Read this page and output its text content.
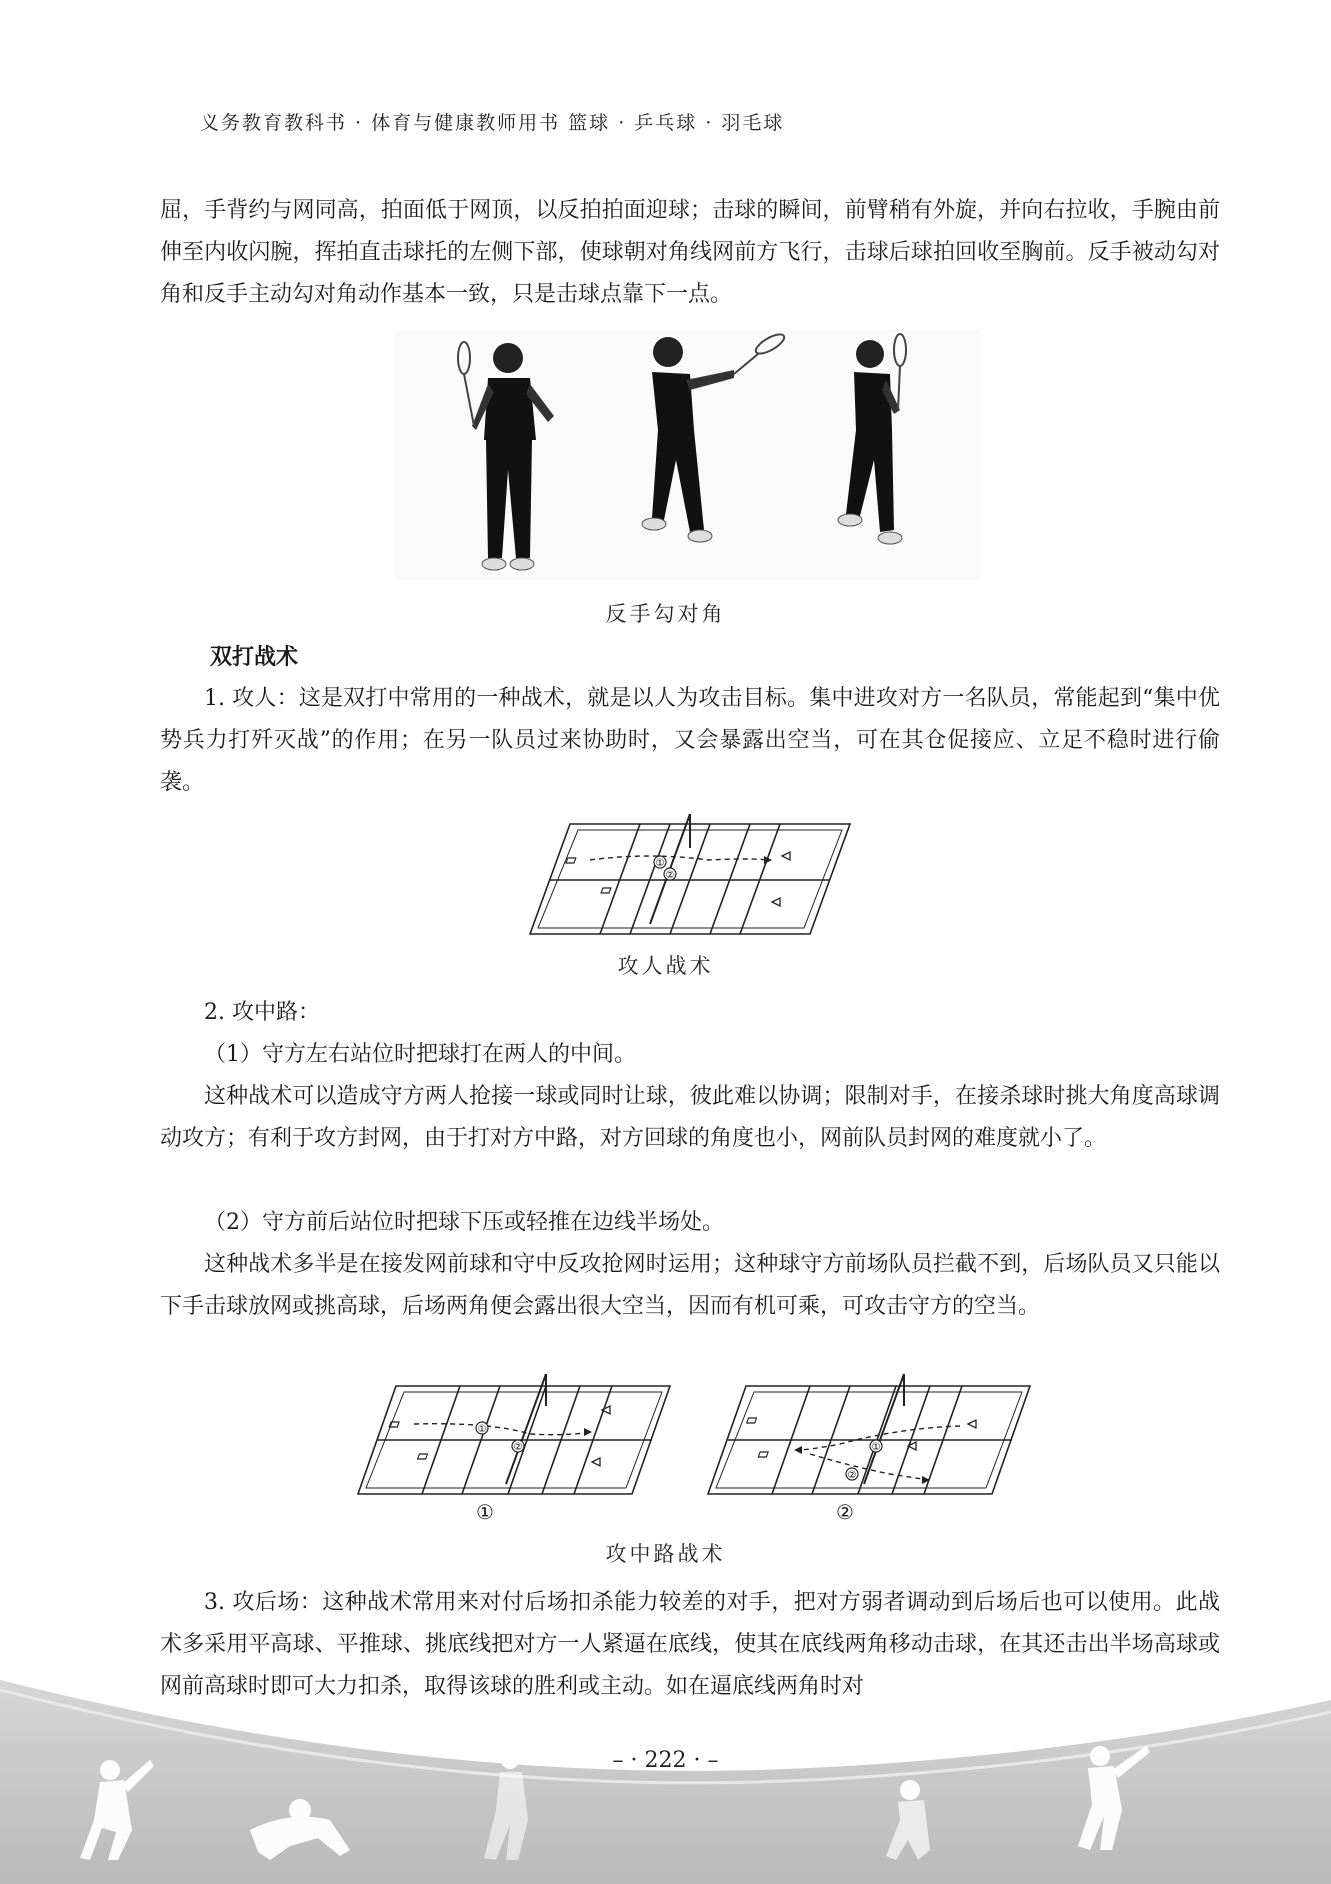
义务教育教科书 · 体育与健康教师用书 篮球 · 乒乓球 · 羽毛球

屈，手背约与网同高，拍面低于网顶，以反拍拍面迎球；击球的瞬间，前臂稍有外旋，并向右拉收，手腕由前伸至内收闪腕，挥拍直击球托的左侧下部，使球朝对角线网前方飞行，击球后球拍回收至胸前。反手被动勾对角和反手主动勾对角动作基本一致，只是击球点靠下一点。

反手勾对角
双打战术

1. 攻人：这是双打中常用的一种战术，就是以人为攻击目标。集中进攻对方一名队员，常能起到“集中优势兵力打歼灭战”的作用；在另一队员过来协助时，又会暴露出空当，可在其仓促接应、立足不稳时进行偷袭。

①
②
攻人战术

2. 攻中路：

（1）守方左右站位时把球打在两人的中间。

这种战术可以造成守方两人抢接一球或同时让球，彼此难以协调；限制对手，在接杀球时挑大角度高球调动攻方；有利于攻方封网，由于打对方中路，对方回球的角度也小，网前队员封网的难度就小了。

（2）守方前后站位时把球下压或轻推在边线半场处。

这种战术多半是在接发网前球和守中反攻抢网时运用；这种球守方前场队员拦截不到，后场队员又只能以下手击球放网或挑高球，后场两角便会露出很大空当，因而有机可乘，可攻击守方的空当。

①
②
①
①
②
②
攻中路战术

3. 攻后场：这种战术常用来对付后场扣杀能力较差的对手，把对方弱者调动到后场后也可以使用。此战术多采用平高球、平推球、挑底线把对方一人紧逼在底线，使其在底线两角移动击球，在其还击出半场高球或网前高球时即可大力扣杀，取得该球的胜利或主动。如在逼底线两角时对

– · 222 · –
